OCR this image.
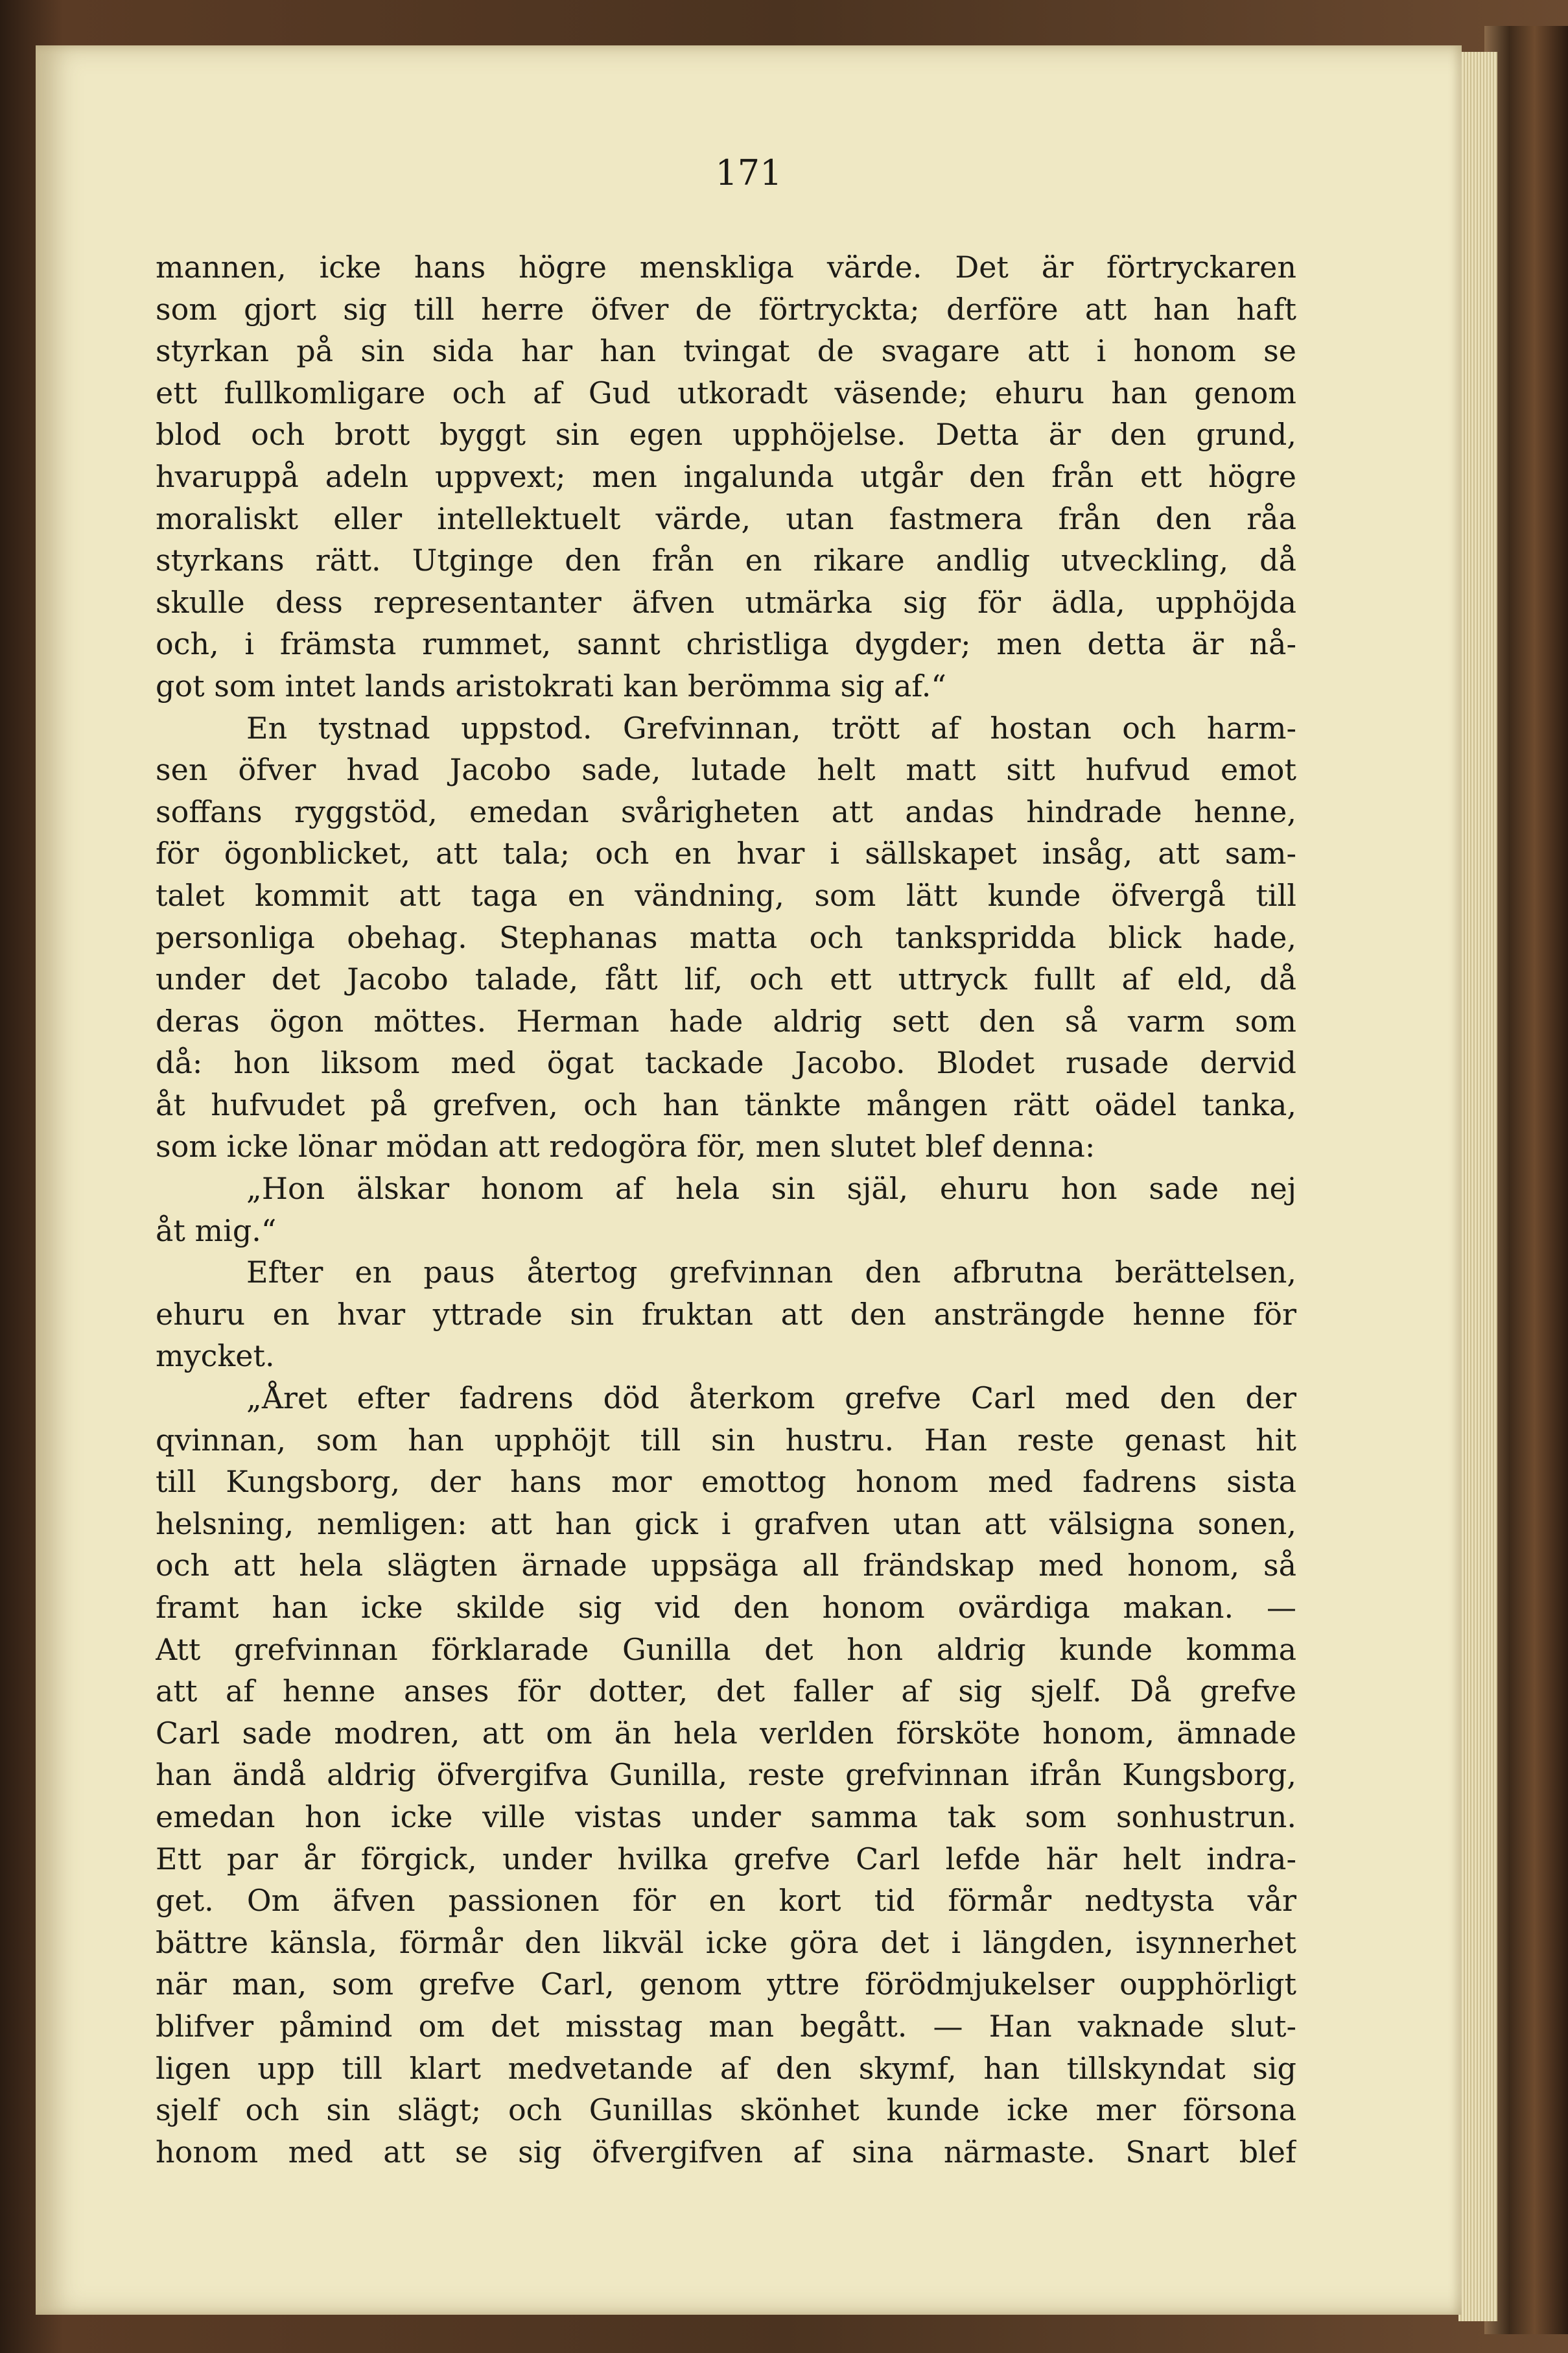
171
mannen, icke hans högre menskliga värde. Det är förtryckaren
som gjort sig till herre öfver de förtryckta; derföre att han haft
styrkan på sin sida har han tvingat de svagare att i honom se
ett fullkomligare och af Gud utkoradt väsende; ehuru han genom
blod och brott byggt sin egen upphöjelse. Detta är den grund,
hvaruppå adeln uppvext; men ingalunda utgår den från ett högre
moraliskt eller intellektuelt värde, utan fastmera från den råa
styrkans rätt. Utginge den från en rikare andlig utveckling, då
skulle dess representanter äfven utmärka sig för ädla, upphöjda
och, i främsta rummet, sannt christliga dygder; men detta är nå-
got som intet lands aristokrati kan berömma sig af.“
En tystnad uppstod. Grefvinnan, trött af hostan och harm-
sen öfver hvad Jacobo sade, lutade helt matt sitt hufvud emot
soffans ryggstöd, emedan svårigheten att andas hindrade henne,
för ögonblicket, att tala; och en hvar i sällskapet insåg, att sam-
talet kommit att taga en vändning, som lätt kunde öfvergå till
personliga obehag. Stephanas matta och tankspridda blick hade,
under det Jacobo talade, fått lif, och ett uttryck fullt af eld, då
deras ögon möttes. Herman hade aldrig sett den så varm som
då: hon liksom med ögat tackade Jacobo. Blodet rusade dervid
åt hufvudet på grefven, och han tänkte mången rätt oädel tanka,
som icke lönar mödan att redogöra för, men slutet blef denna:
„Hon älskar honom af hela sin själ, ehuru hon sade nej
åt mig.“
Efter en paus återtog grefvinnan den afbrutna berättelsen,
ehuru en hvar yttrade sin fruktan att den ansträngde henne för
mycket.
„Året efter fadrens död återkom grefve Carl med den der
qvinnan, som han upphöjt till sin hustru. Han reste genast hit
till Kungsborg, der hans mor emottog honom med fadrens sista
helsning, nemligen: att han gick i grafven utan att välsigna sonen,
och att hela slägten ärnade uppsäga all frändskap med honom, så
framt han icke skilde sig vid den honom ovärdiga makan. —
Att grefvinnan förklarade Gunilla det hon aldrig kunde komma
att af henne anses för dotter, det faller af sig sjelf. Då grefve
Carl sade modren, att om än hela verlden försköte honom, ämnade
han ändå aldrig öfvergifva Gunilla, reste grefvinnan ifrån Kungsborg,
emedan hon icke ville vistas under samma tak som sonhustrun.
Ett par år förgick, under hvilka grefve Carl lefde här helt indra-
get. Om äfven passionen för en kort tid förmår nedtysta vår
bättre känsla, förmår den likväl icke göra det i längden, isynnerhet
när man, som grefve Carl, genom yttre förödmjukelser oupphörligt
blifver påmind om det misstag man begått. — Han vaknade slut-
ligen upp till klart medvetande af den skymf, han tillskyndat sig
sjelf och sin slägt; och Gunillas skönhet kunde icke mer försona
honom med att se sig öfvergifven af sina närmaste. Snart blef
